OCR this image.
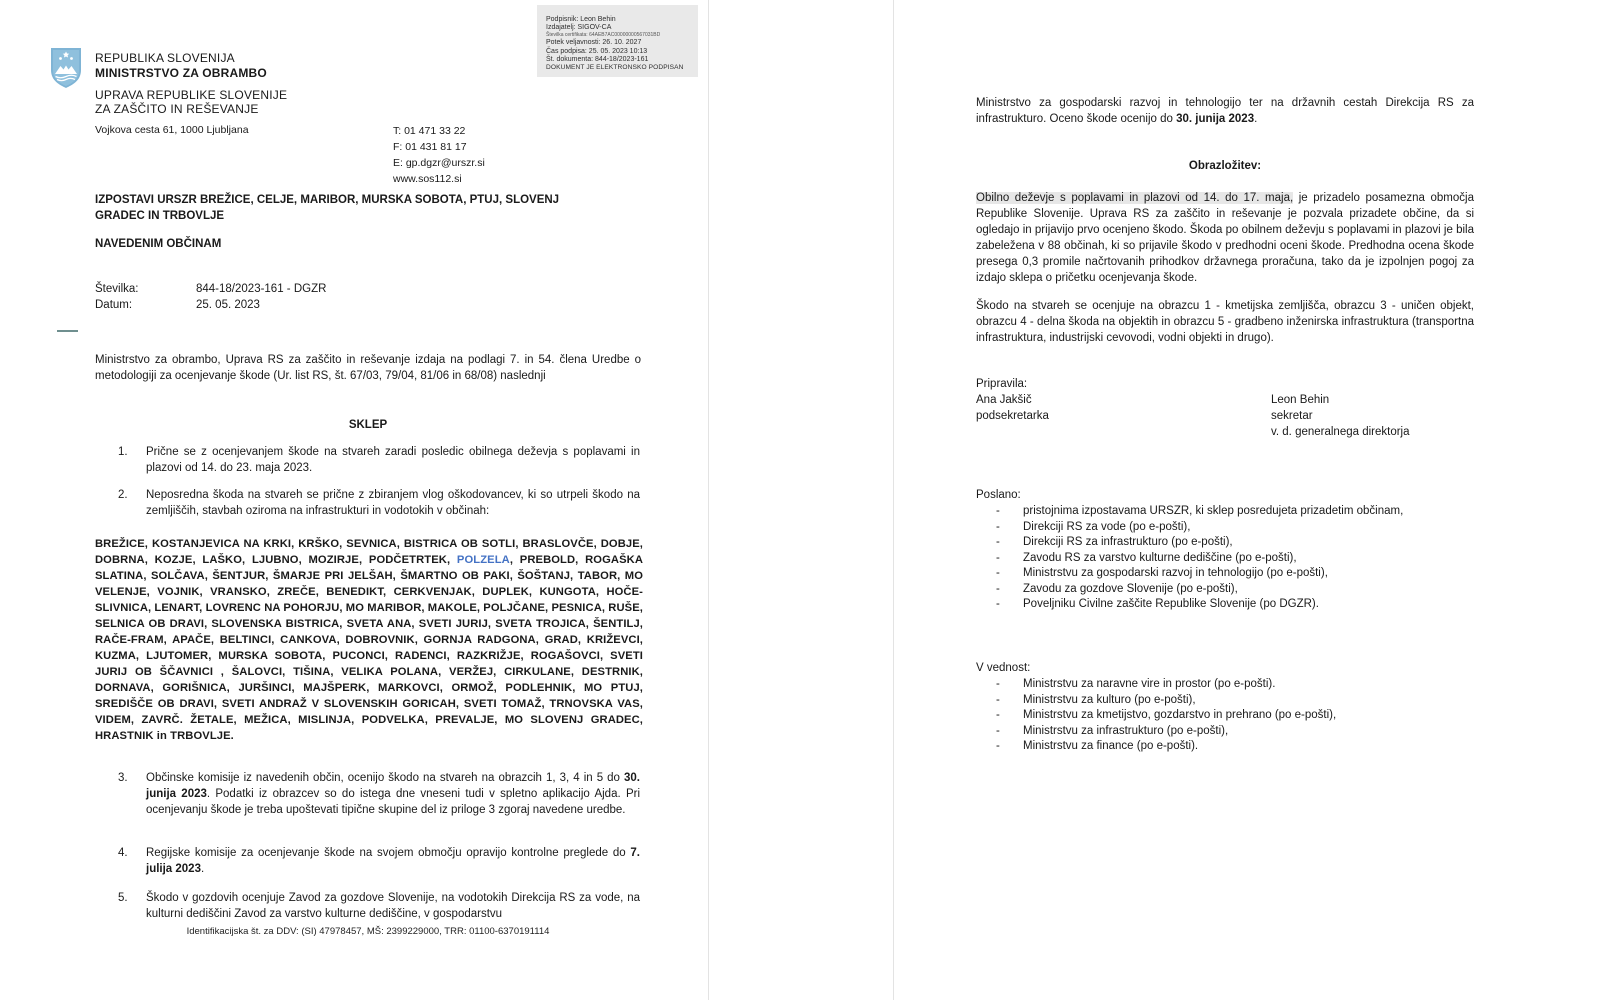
REPUBLIKA SLOVENIJA
MINISTRSTVO ZA OBRAMBO
UPRAVA REPUBLIKE SLOVENIJE
ZA ZAŠČITO IN REŠEVANJE
Vojkova cesta 61, 1000 Ljubljana	T: 01 471 33 22
F: 01 431 81 17
E: gp.dgzr@urszr.si
www.sos112.si
IZPOSTAVI URSZR BREŽICE, CELJE, MARIBOR, MURSKA SOBOTA, PTUJ, SLOVENJ GRADEC IN TRBOVLJE
NAVEDENIM OBČINAM
Številka:	844-18/2023-161 - DGZR
Datum:	25. 05. 2023
Ministrstvo za obrambo, Uprava RS za zaščito in reševanje izdaja na podlagi 7. in 54. člena Uredbe o metodologiji za ocenjevanje škode (Ur. list RS, št. 67/03, 79/04, 81/06 in 68/08) naslednji
SKLEP
1.	Prične se z ocenjevanjem škode na stvareh zaradi posledic obilnega deževja s poplavami in plazovi od 14. do 23. maja 2023.
2.	Neposredna škoda na stvareh se prične z zbiranjem vlog oškodovancev, ki so utrpeli škodo na zemljiščih, stavbah oziroma na infrastrukturi in vodotokih v občinah:
BREŽICE, KOSTANJEVICA NA KRKI, KRŠKO, SEVNICA, BISTRICA OB SOTLI, BRASLOVČE, DOBJE, DOBRNA, KOZJE, LAŠKO, LJUBNO, MOZIRJE, PODČETRTEK, POLZELA, PREBOLD, ROGAŠKA SLATINA, SOLČAVA, ŠENTJUR, ŠMARJE PRI JELŠAH, ŠMARTNO OB PAKI, ŠOŠTANJ, TABOR, MO VELENJE, VOJNIK, VRANSKO, ZREČE, BENEDIKT, CERKVENJAK, DUPLEK, KUNGOTA, HOČE-SLIVNICA, LENART, LOVRENC NA POHORJU, MO MARIBOR, MAKOLE, POLJČANE, PESNICA, RUŠE, SELNICA OB DRAVI, SLOVENSKA BISTRICA, SVETA ANA, SVETI JURIJ, SVETA TROJICA, ŠENTILJ, RAČE-FRAM, APAČE, BELTINCI, CANKOVA, DOBROVNIK, GORNJA RADGONA, GRAD, KRIŽEVCI, KUZMA, LJUTOMER, MURSKA SOBOTA, PUCONCI, RADENCI, RAZKRIŽJE, ROGAŠOVCI, SVETI JURIJ OB ŠČAVNICI , ŠALOVCI, TIŠINA, VELIKA POLANA, VERŽEJ, CIRKULANE, DESTRNIK, DORNAVA, GORIŠNICA, JURŠINCI, MAJŠPERK, MARKOVCI, ORMOŽ, PODLEHNIK, MO PTUJ, SREDIŠČE OB DRAVI, SVETI ANDRAŽ V SLOVENSKIH GORICAH, SVETI TOMAŽ, TRNOVSKA VAS, VIDEM, ZAVRČ. ŽETALE, MEŽICA, MISLINJA, PODVELKA, PREVALJE, MO SLOVENJ GRADEC, HRASTNIK in TRBOVLJE.
3.	Občinske komisije iz navedenih občin, ocenijo škodo na stvareh na obrazcih 1, 3, 4 in 5 do 30. junija 2023. Podatki iz obrazcev so do istega dne vneseni tudi v spletno aplikacijo Ajda. Pri ocenjevanju škode je treba upoštevati tipične skupine del iz priloge 3 zgoraj navedene uredbe.
4.	Regijske komisije za ocenjevanje škode na svojem območju opravijo kontrolne preglede do 7. julija 2023.
5.	Škodo v gozdovih ocenjuje Zavod za gozdove Slovenije, na vodotokih Direkcija RS za vode, na kulturni dediščini Zavod za varstvo kulturne dediščine, v gospodarstvu
Identifikacijska št. za DDV: (SI) 47978457, MŠ: 2399229000, TRR: 01100-6370191114
Podpisnik: Leon Behin
Izdajatelj: SIGOV-CA
Številka certifikata: 64AEB7AC00000000567031BD
Potek veljavnosti: 26. 10. 2027
Čas podpisa: 25. 05. 2023 10:13
Št. dokumenta: 844-18/2023-161
DOKUMENT JE ELEKTRONSKO PODPISAN
Ministrstvo za gospodarski razvoj in tehnologijo ter na državnih cestah Direkcija RS za infrastrukturo. Oceno škode ocenijo do 30. junija 2023.
Obrazložitev:
Obilno deževje s poplavami in plazovi od 14. do 17. maja, je prizadelo posamezna območja Republike Slovenije. Uprava RS za zaščito in reševanje je pozvala prizadete občine, da si ogledajo in prijavijo prvo ocenjeno škodo. Škoda po obilnem deževju s poplavami in plazovi je bila zabeležena v 88 občinah, ki so prijavile škodo v predhodni oceni škode. Predhodna ocena škode presega 0,3 promile načrtovanih prihodkov državnega proračuna, tako da je izpolnjen pogoj za izdajo sklepa o pričetku ocenjevanja škode.
Škodo na stvareh se ocenjuje na obrazcu 1 - kmetijska zemljišča, obrazcu 3 - uničen objekt, obrazcu 4 - delna škoda na objektih in obrazcu 5 - gradbeno inženirska infrastruktura (transportna infrastruktura, industrijski cevovodi, vodni objekti in drugo).
Pripravila:
Ana Jakšič
podsekretarka
Leon Behin
sekretar
v. d. generalnega direktorja
Poslano:
-	pristojnima izpostavama URSZR, ki sklep posredujeta prizadetim občinam,
-	Direkciji RS za vode (po e-pošti),
-	Direkciji RS za infrastrukturo (po e-pošti),
-	Zavodu RS za varstvo kulturne dediščine (po e-pošti),
-	Ministrstvu za gospodarski razvoj in tehnologijo (po e-pošti),
-	Zavodu za gozdove Slovenije (po e-pošti),
-	Poveljniku Civilne zaščite Republike Slovenije (po DGZR).
V vednost:
-	Ministrstvu za naravne vire in prostor (po e-pošti).
-	Ministrstvu za kulturo (po e-pošti),
-	Ministrstvu za kmetijstvo, gozdarstvo in prehrano (po e-pošti),
-	Ministrstvu za infrastrukturo (po e-pošti),
-	Ministrstvu za finance (po e-pošti).
